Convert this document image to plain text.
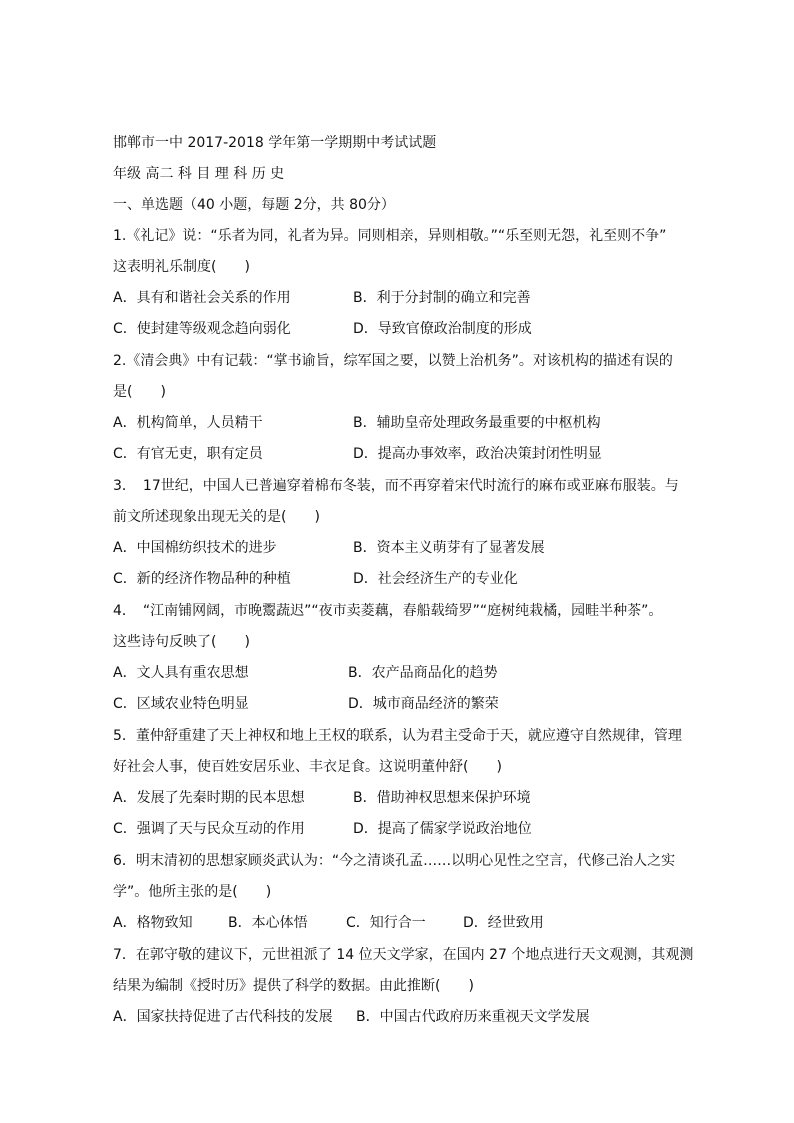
邯郸市一中 2017-2018 学年第一学期期中考试试题
年级 高二 科 目 理 科 历 史
一、单选题（40 小题，每题 2分，共 80分）
1.《礼记》说：“乐者为同，礼者为异。同则相亲，异则相敬。”“乐至则无怨，礼至则不争”
这表明礼乐制度(　　)
A．具有和谐社会关系的作用	B．利于分封制的确立和完善
C．使封建等级观念趋向弱化	D．导致官僚政治制度的形成
2.《清会典》中有记载：“掌书谕旨，综军国之要，以赞上治机务”。对该机构的描述有误的
是(　　)
A．机构简单，人员精干	B．辅助皇帝处理政务最重要的中枢机构
C．有官无吏，职有定员	D．提高办事效率，政治决策封闭性明显
3．　17世纪，中国人已普遍穿着棉布冬装，而不再穿着宋代时流行的麻布或亚麻布服装。与
前文所述现象出现无关的是(　　)
A．中国棉纺织技术的进步	B．资本主义萌芽有了显著发展
C．新的经济作物品种的种植	D．社会经济生产的专业化
4．　“江南铺网阔，市晚鬻蔬迟”“夜市卖菱藕，春船载绮罗”“庭树纯栽橘，园畦半种茶”。
这些诗句反映了(　　)
A．文人具有重农思想	B．农产品商品化的趋势
C．区域农业特色明显	D．城市商品经济的繁荣
5．董仲舒重建了天上神权和地上王权的联系，认为君主受命于天，就应遵守自然规律，管理
好社会人事，使百姓安居乐业、丰衣足食。这说明董仲舒(　　)
A．发展了先秦时期的民本思想	B．借助神权思想来保护环境
C．强调了天与民众互动的作用	D．提高了儒家学说政治地位
6．明末清初的思想家顾炎武认为：“今之清谈孔孟……以明心见性之空言，代修己治人之实
学”。他所主张的是(　　)
A．格物致知	B．本心体悟	C．知行合一	D．经世致用
7．在郭守敬的建议下，元世祖派了 14 位天文学家，在国内 27 个地点进行天文观测，其观测
结果为编制《授时历》提供了科学的数据。由此推断(　　)
A．国家扶持促进了古代科技的发展 B．中国古代政府历来重视天文学发展
